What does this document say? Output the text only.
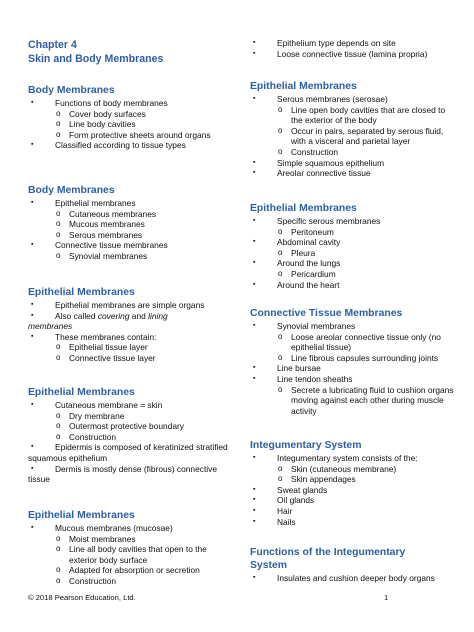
Chapter 4

Skin and Body Membranes

Body Membranes

▪ Functions of body membranes
o Cover body surfaces
o Line body cavities
o Form protective sheets around organs
▪ Classified according to tissue types

Body Membranes

▪ Epithelial membranes
o Cutaneous membranes
o Mucous membranes
o Serous membranes
▪ Connective tissue membranes
o Synovial membranes

Epithelial Membranes

▪ Epithelial membranes are simple organs
▪ Also called covering and lining
membranes
▪ These membranes contain:
o Epithelial tissue layer
o Connective tissue layer

Epithelial Membranes

▪ Cutaneous membrane = skin
o Dry membrane
o Outermost protective boundary
o Construction
▪ Epidermis is composed of keratinized stratified squamous epithelium
▪ Dermis is mostly dense (fibrous) connective tissue

Epithelial Membranes

▪ Mucous membranes (mucosae)
o Moist membranes
o Line all body cavities that open to the exterior body surface
o Adapted for absorption or secretion
o Construction
▪ Epithelium type depends on site
▪ Loose connective tissue (lamina propria)

Epithelial Membranes

▪ Serous membranes (serosae)
o Line open body cavities that are closed to the exterior of the body
o Occur in pairs, separated by serous fluid, with a visceral and parietal layer
o Construction
▪ Simple squamous epithelium
▪ Areolar connective tissue

Epithelial Membranes

▪ Specific serous membranes
o Peritoneum
▪ Abdominal cavity
o Pleura
▪ Around the lungs
o Pericardium
▪ Around the heart

Connective Tissue Membranes

▪ Synovial membranes
o Loose areolar connective tissue only (no epithelial tissue)
o Line fibrous capsules surrounding joints
▪ Line bursae
▪ Line tendon sheaths
o Secrete a lubricating fluid to cushion organs moving against each other during muscle activity

Integumentary System

▪ Integumentary system consists of the:
o Skin (cutaneous membrane)
o Skin appendages
▪ Sweat glands
▪ Oil glands
▪ Hair
▪ Nails

Functions of the Integumentary

System

▪ Insulates and cushion deeper body organs
© 2018 Pearson Education, Ltd.	1
